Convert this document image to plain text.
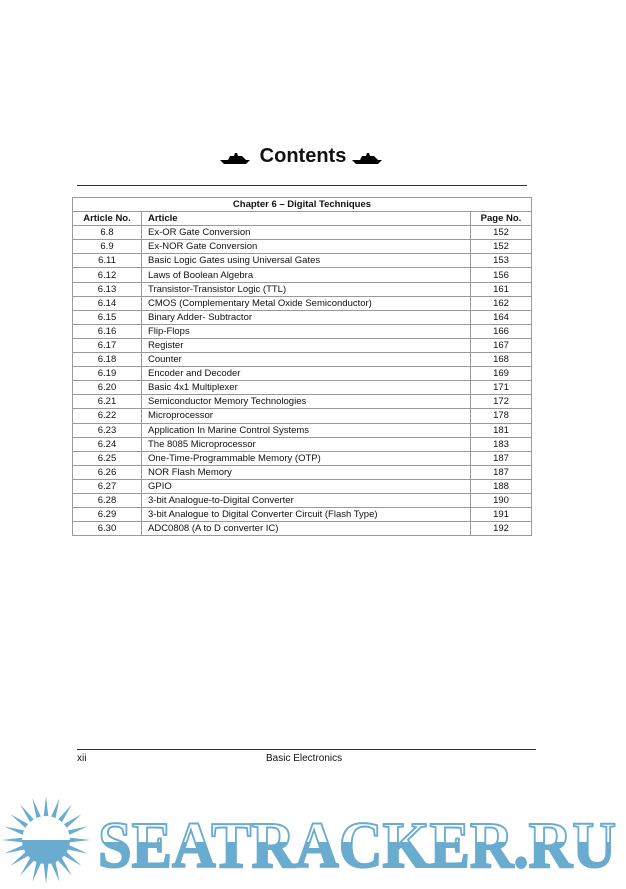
Contents
Chapter 6 – Digital Techniques		
Article No.	Article	Page No.
6.8	Ex-OR Gate Conversion	152
6.9	Ex-NOR Gate Conversion	152
6.11	Basic Logic Gates using Universal Gates	153
6.12	Laws of Boolean Algebra	156
6.13	Transistor-Transistor Logic (TTL)	161
6.14	CMOS (Complementary Metal Oxide Semiconductor)	162
6.15	Binary Adder- Subtractor	164
6.16	Flip-Flops	166
6.17	Register	167
6.18	Counter	168
6.19	Encoder and Decoder	169
6.20	Basic 4x1 Multiplexer	171
6.21	Semiconductor Memory Technologies	172
6.22	Microprocessor	178
6.23	Application In Marine Control Systems	181
6.24	The 8085 Microprocessor	183
6.25	One-Time-Programmable Memory (OTP)	187
6.26	NOR Flash Memory	187
6.27	GPIO	188
6.28	3-bit Analogue-to-Digital Converter	190
6.29	3-bit Analogue to Digital Converter Circuit (Flash Type)	191
6.30	ADC0808 (A to D converter IC)	192
xii	Basic Electronics
SEATRACKER.RU
